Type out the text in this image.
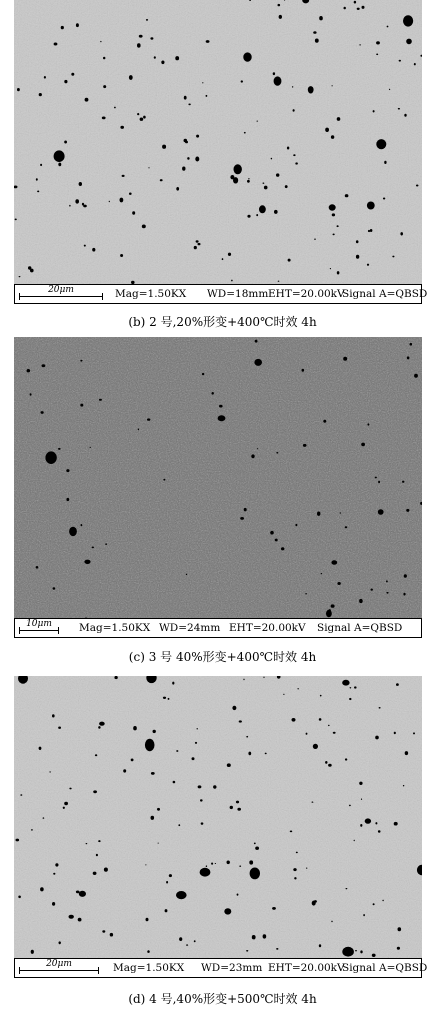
20μm	Mag=1.50KX WD=18mm EHT=20.00kV
Signal A=QBSD
(b) 2 号,20%形变+400℃时效 4h
10μm	Mag=1.50KX WD=24mm EHT=20.00kV Signal A=QBSD
(c) 3 号 40%形变+400℃时效 4h
20μm	Mag=1.50KX WD=23mm EHT=20.00kV
Signal A=QBSD
(d) 4 号,40%形变+500℃时效 4h
